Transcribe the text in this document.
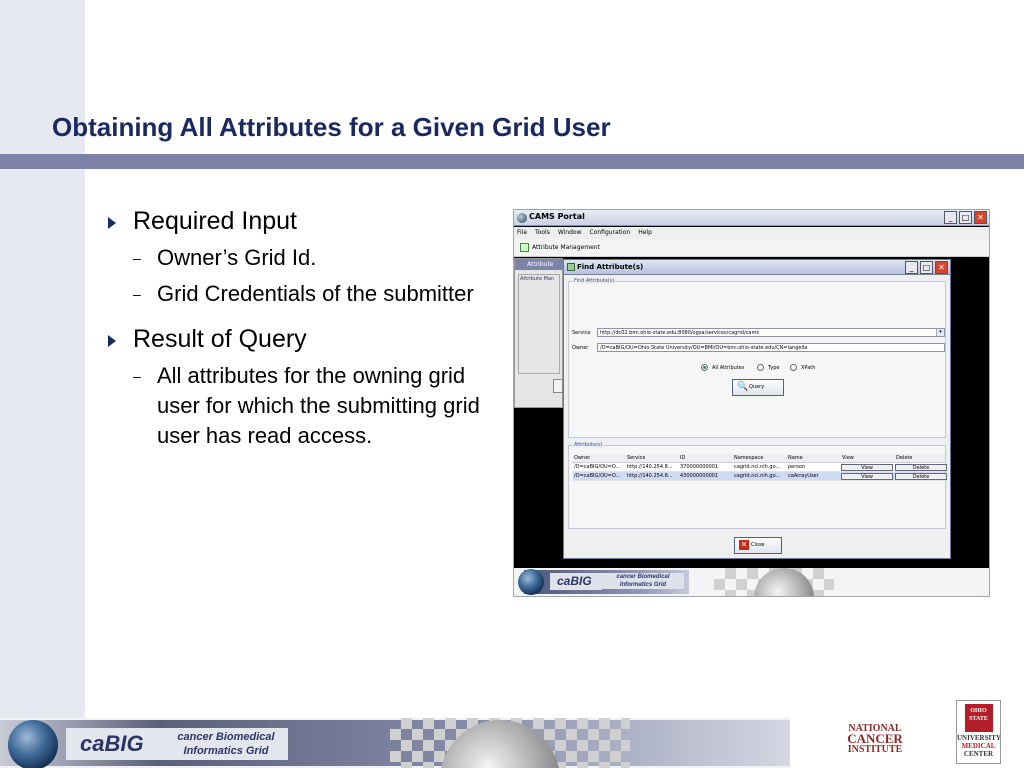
Obtaining All Attributes for a Given Grid User
Required Input
– Owner’s Grid Id.
– Grid Credentials of the submitter
Result of Query
– All attributes for the owning grid user for which the submitting grid user has read access.
CAMS Portal	_	□ ✕
File Tools Window Configuration Help
Attribute Management
Attribute
Attribute Man
Find Attribute(s)	_	□ ✕
Find Attribute(s)
Service	http://dc02.bmi.ohio-state.edu:8080/ogsa/services/cagrid/cams	▾
Owner	/O=caBIG/OU=Ohio State University/OU=BMI/OU=bmi.ohio-state.edu/CN=langella
All Attributes	Type	XPath
🔍 Query
Attribute(s)
Owner	Service	ID	Namespace	Name	View	Delete
/O=caBIG/OU=O...	http://140.254.8...	370000000001	cagrid.nci.nih.go...	person	View	Delete
/O=caBIG/OU=O...	http://140.254.8...	430000000001	cagrid.nci.nih.go...	caArrayUser	View	Delete
✕ Close
caBIG	cancer Biomedical
Informatics Grid
caBIG	cancer Biomedical
Informatics Grid
NATIONAL
CANCER
INSTITUTE
OHIO
STATE
UNIVERSITY
MEDICAL
CENTER
